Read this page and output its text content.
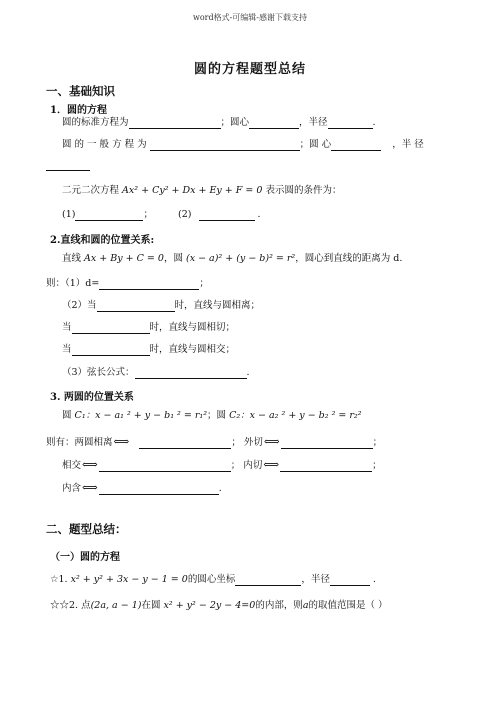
word格式-可编辑-感谢下载支持
圆的方程题型总结
一、基础知识
1．圆的方程
圆的标准方程为	；圆心	，半径	.
圆 的 一 般 方 程 为	；圆 心	，半 径
二元二次方程 Ax² + Cy² + Dx + Ey + F = 0 表示圆的条件为：
(1)	；	(2)	.
2.直线和圆的位置关系:
直线 Ax + By + C = 0，圆 (x − a)² + (y − b)² = r²，圆心到直线的距离为 d.
则：（1）d=	；
（2）当	时，直线与圆相离；
当	时，直线与圆相切；
当	时，直线与圆相交；
（3）弦长公式：	.
3. 两圆的位置关系
圆 C₁：x − a₁ ² + y − b₁ ² = r₁²；圆 C₂：x − a₂ ² + y − b₂ ² = r₂²
则有：两圆相离⟺	； 外切⟺	；
相交⟺	； 内切⟺	；
内含⟺	.
二、题型总结：
（一）圆的方程
☆1. x² + y² + 3x − y − 1 = 0的圆心坐标	，半径	.
☆☆2. 点(2a, a − 1)在圆 x² + y² − 2y − 4=0的内部，则a的取值范围是（ ）
